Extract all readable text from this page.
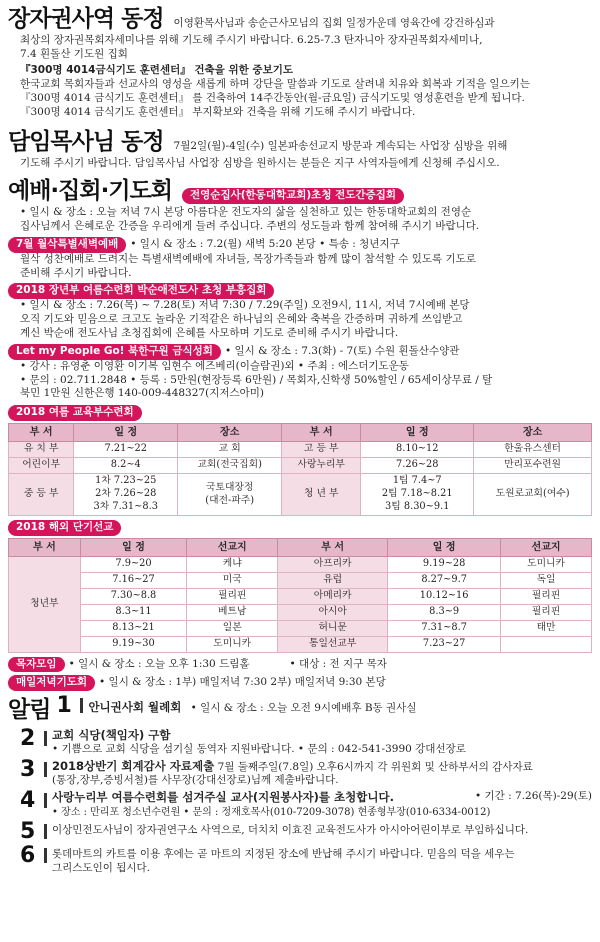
장자권사역 동정 이영환목사님과 송순근사모님의 집회 일정가운데 영육간에 강건하심과
최상의 장자권목회자세미나를 위해 기도해 주시기 바랍니다. 6.25-7.3 탄자니아 장자권목회자세미나,
7.4 흰돌산 기도원 집회
『300명 4014금식기도 훈련센터』 건축을 위한 중보기도
한국교회 목회자들과 선교사의 영성을 새롭게 하며 강단을 말씀과 기도로 살려내 치유와 회복과 기적을 일으키는
『300명 4014 금식기도 훈련센터』 를 건축하여 14주간동안(월-금요일) 금식기도및 영성훈련을 받게 됩니다.
『300명 4014 금식기도 훈련센터』 부지확보와 건축을 위해 기도해 주시기 바랍니다.
담임목사님 동정 7월2일(월)-4일(수) 일본파송선교지 방문과 계속되는 사업장 심방을 위해
기도해 주시기 바랍니다. 담임목사님 사업장 심방을 원하시는 분들은 지구 사역자들에게 신청해 주십시오.
예배·집회·기도회 전영순집사(한동대학교회)초청 전도간증집회
• 일시 & 장소 : 오늘 저녁 7시 본당 아름다운 전도자의 삶을 실천하고 있는 한동대학교회의 전영순
집사님께서 은혜로운 간증을 우리에게 들려 주십니다. 주변의 성도들과 함께 참여해 주시기 바랍니다.
7월 월삭특별새벽예배 • 일시 & 장소 : 7.2(월) 새벽 5:20 본당 • 특송 : 청년지구
월삭 성찬예배로 드려지는 특별새벽예배에 자녀들, 목장가족들과 함께 많이 참석할 수 있도록 기도로
준비해 주시기 바랍니다.
2018 장년부 여름수련회 박순애전도사 초청 부흥집회
• 일시 & 장소 : 7.26(목) ~ 7.28(토) 저녁 7:30 / 7.29(주일) 오전9시, 11시, 저녁 7시예배 본당
오직 기도와 믿음으로 크고도 놀라운 기적같은 하나님의 은혜와 축복을 간증하며 귀하게 쓰임받고
계신 박순애 전도사님 초청집회에 은혜를 사모하며 기도로 준비해 주시기 바랍니다.
Let my People Go! 북한구원 금식성회 • 일시 & 장소 : 7.3(화) - 7(토) 수원 흰돌산수양관
• 강사 : 유영춘 이영환 이기복 임현수 에즈베리(이슬람권)외 • 주최 : 에스더기도운동
• 문의 : 02.711.2848 • 등록 : 5만원(현장등록 6만원) / 목회자,신학생 50%할인 / 65세이상무료 / 탈
북민 1만원 신한은행 140-009-448327(지저스아미)
2018 여름 교육부수련회
부 서	일 정	장소	부 서	일 정	장소
유 치 부	7.21~22	교 회	고 등 부	8.10~12	한울유스센터
어린이부	8.2~4	교회(전국집회)	사랑누리부	7.26~28	만리포수련원
중 등 부	1차 7.23~25
2차 7.26~28
3차 7.31~8.3	국토대장정
(대전-파주)	청 년 부	1팀 7.4~7
2팀 7.18~8.21
3팀 8.30~9.1	도원로교회(여수)
2018 해외 단기선교
부 서	일 정	선교지	부 서	일 정	선교지
청년부	7.9~20	케냐	아프리카	9.19~28	도미니카
	7.16~27	미국	유럽	8.27~9.7	독일
	7.30~8.8	필리핀	아메리카	10.12~16	필리핀
	8.3~11	베트남	아시아	8.3~9	필리핀
	8.13~21	일본	허니문	7.31~8.7	태만
	9.19~30	도미니카	통일선교부	7.23~27	
목자모임 • 일시 & 장소 : 오늘 오후 1:30 드림홀	• 대상 : 전 지구 목자
매일저녁기도회 • 일시 & 장소 : 1부) 매일저녁 7:30 2부) 매일저녁 9:30 본당
알림 1	안니권사회 월례회 • 일시 & 장소 : 오늘 오전 9시예배후 B동 권사실
2	교회 식당(책임자) 구함
• 기쁨으로 교회 식당을 섬기실 동역자 지원바랍니다. • 문의 : 042-541-3990 강대선장로
3	2018상반기 회계감사 자료제출 7월 둘째주일(7.8일) 오후6시까지 각 위원회 및 산하부서의 감사자료
(통장,장부,증빙서철)를 사무장(강대선장로)님께 제출바랍니다.
4	사랑누리부 여름수련회를 섬겨주실 교사(지원봉사자)를 초청합니다.	• 기간 : 7.26(목)-29(토)
• 장소 : 만리포 청소년수련원 • 문의 : 정재호목사(010-7209-3078) 현종형부장(010-6334-0012)
5	이상민전도사님이 장자권연구소 사역으로, 더치치 이효진 교육전도사가 아시아어린이부로 부임하십니다.
6	롯데마트의 카트를 이용 후에는 곧 마트의 지정된 장소에 반납해 주시기 바랍니다. 믿음의 덕을 세우는
그리스도인이 됩시다.
